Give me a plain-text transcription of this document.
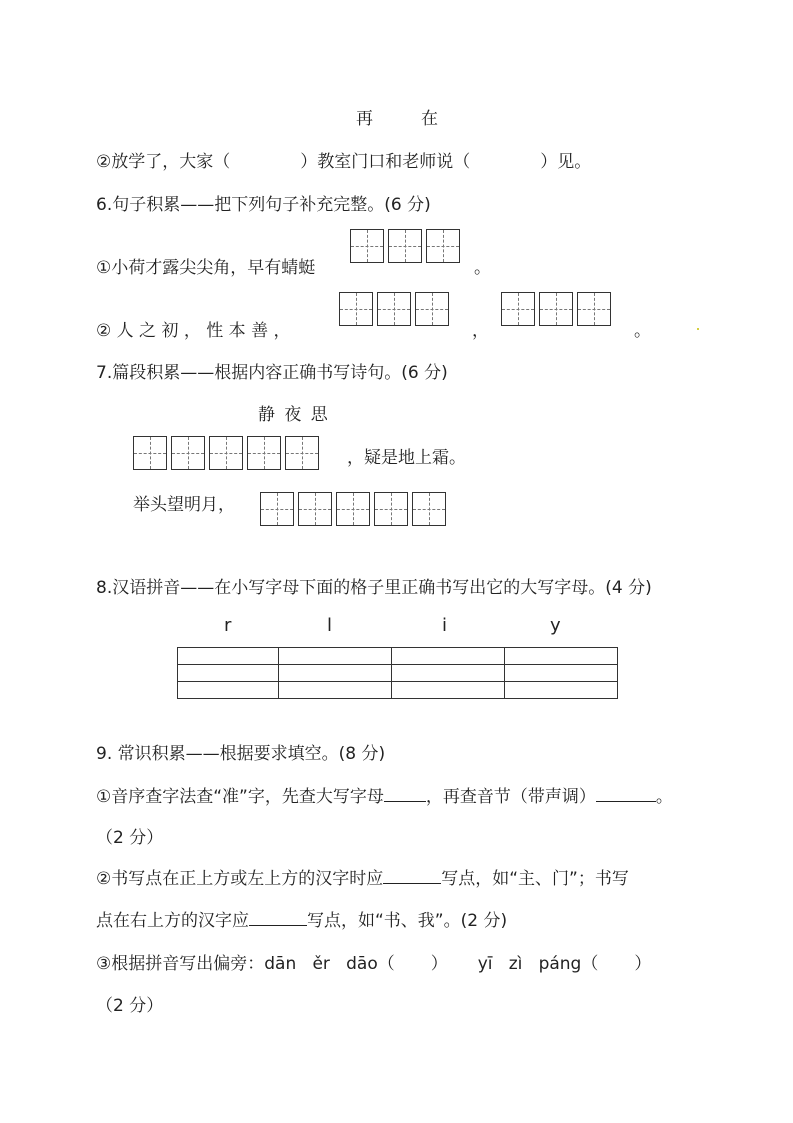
再	在
②放学了，大家（	）教室门口和老师说（	）见。
6.句子积累——把下列句子补充完整。(6 分)
①小荷才露尖尖角，早有蜻蜓	。
② 人 之 初 ， 性 本 善 ，	，	。
7.篇段积累——根据内容正确书写诗句。(6 分)
静 夜 思
，疑是地上霜。
举头望明月，
8.汉语拼音——在小写字母下面的格子里正确书写出它的大写字母。(4 分)
r	l	i	y

9. 常识积累——根据要求填空。(8 分)
①音序查字法查“准”字，先查大写字母 ，再查音节（带声调）	。
（2 分）
②书写点在正上方或左上方的汉字时应	写点，如“主、门”；书写
点在右上方的汉字应	写点，如“书、我”。(2 分)
③根据拼音写出偏旁：dān   ěr   dāo（ ） yī   zì   páng（ ）
（2 分）
